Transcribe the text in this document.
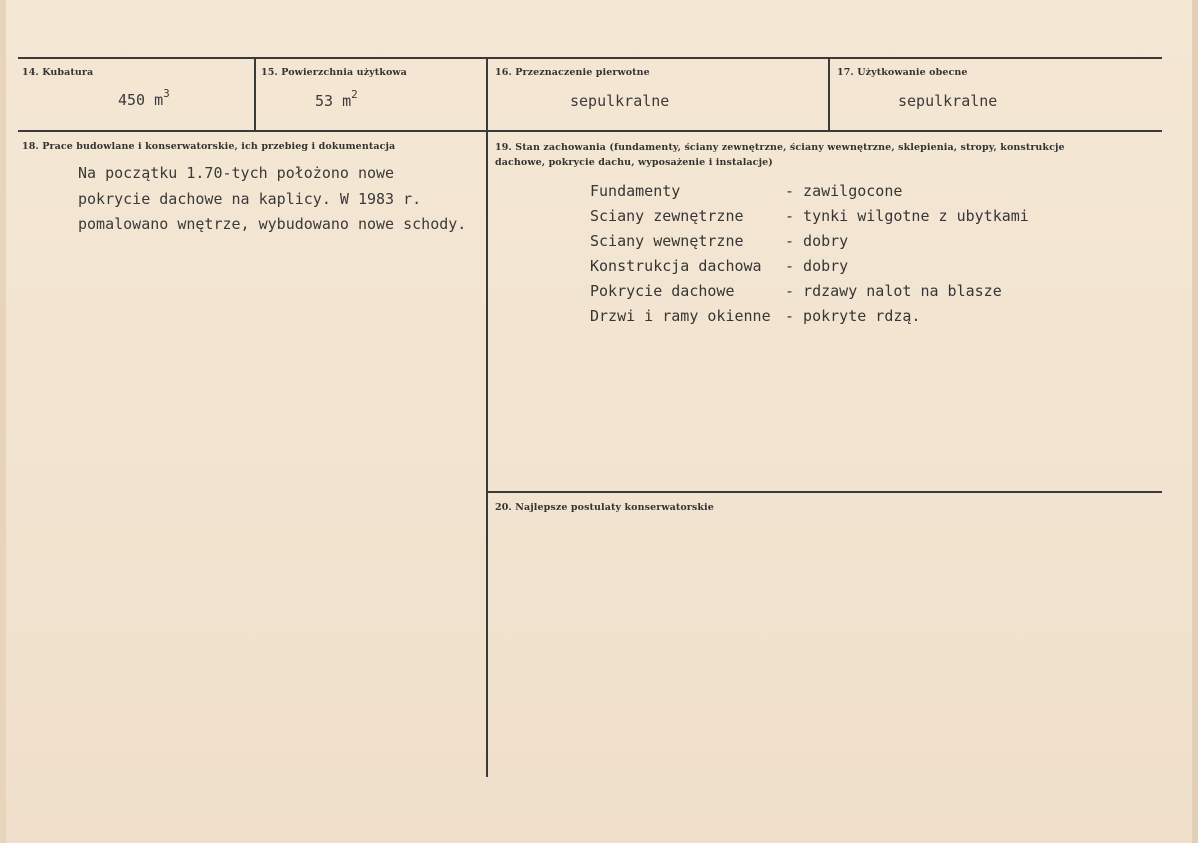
14. Kubatura
450 $m^3$
15. Powierzchnia użytkowa
53 $m^2$
16. Przeznaczenie pierwotne
sepulkralne
17. Użytkowanie obecne
sepulkralne
18. Prace budowlane i konserwatorskie, ich przebieg i dokumentacja
Na początku 1.70-tych położono nowe
pokrycie dachowe na kaplicy. W 1983 r.
pomalowano wnętrze, wybudowano nowe schody.
19. Stan zachowania (fundamenty, ściany zewnętrzne, ściany wewnętrzne, sklepienia, stropy, konstrukcje dachowe, pokrycie dachu, wyposażenie i instalacje)
Fundamenty	- zawilgocone
Sciany zewnętrzne	- tynki wilgotne z ubytkami
Sciany wewnętrzne	- dobry
Konstrukcja dachowa - dobry
Pokrycie dachowe	- rdzawy nalot na blasze
Drzwi i ramy okienne - pokryte rdzą.
20. Najlepsze postulaty konserwatorskie
